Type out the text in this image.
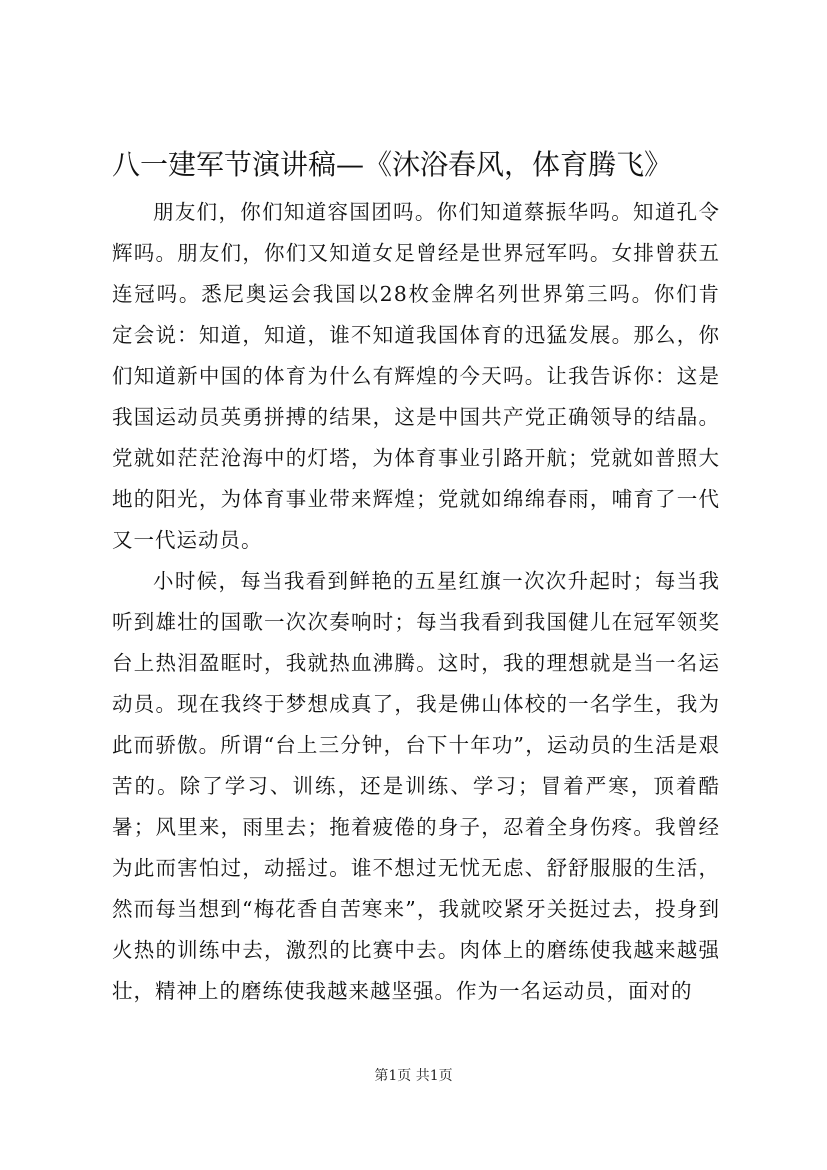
八一建军节演讲稿—《沐浴春风，体育腾飞》

朋友们，你们知道容国团吗。你们知道蔡振华吗。知道孔令辉吗。朋友们，你们又知道女足曾经是世界冠军吗。女排曾获五连冠吗。悉尼奥运会我国以28枚金牌名列世界第三吗。你们肯定会说：知道，知道，谁不知道我国体育的迅猛发展。那么，你们知道新中国的体育为什么有辉煌的今天吗。让我告诉你：这是我国运动员英勇拼搏的结果，这是中国共产党正确领导的结晶。党就如茫茫沧海中的灯塔，为体育事业引路开航；党就如普照大地的阳光，为体育事业带来辉煌；党就如绵绵春雨，哺育了一代又一代运动员。

小时候，每当我看到鲜艳的五星红旗一次次升起时；每当我听到雄壮的国歌一次次奏响时；每当我看到我国健儿在冠军领奖台上热泪盈眶时，我就热血沸腾。这时，我的理想就是当一名运动员。现在我终于梦想成真了，我是佛山体校的一名学生，我为此而骄傲。所谓“台上三分钟，台下十年功”，运动员的生活是艰苦的。除了学习、训练，还是训练、学习；冒着严寒，顶着酷暑；风里来，雨里去；拖着疲倦的身子，忍着全身伤疼。我曾经为此而害怕过，动摇过。谁不想过无忧无虑、舒舒服服的生活，然而每当想到“梅花香自苦寒来”，我就咬紧牙关挺过去，投身到火热的训练中去，激烈的比赛中去。肉体上的磨练使我越来越强壮，精神上的磨练使我越来越坚强。作为一名运动员，面对的

第1页 共1页
